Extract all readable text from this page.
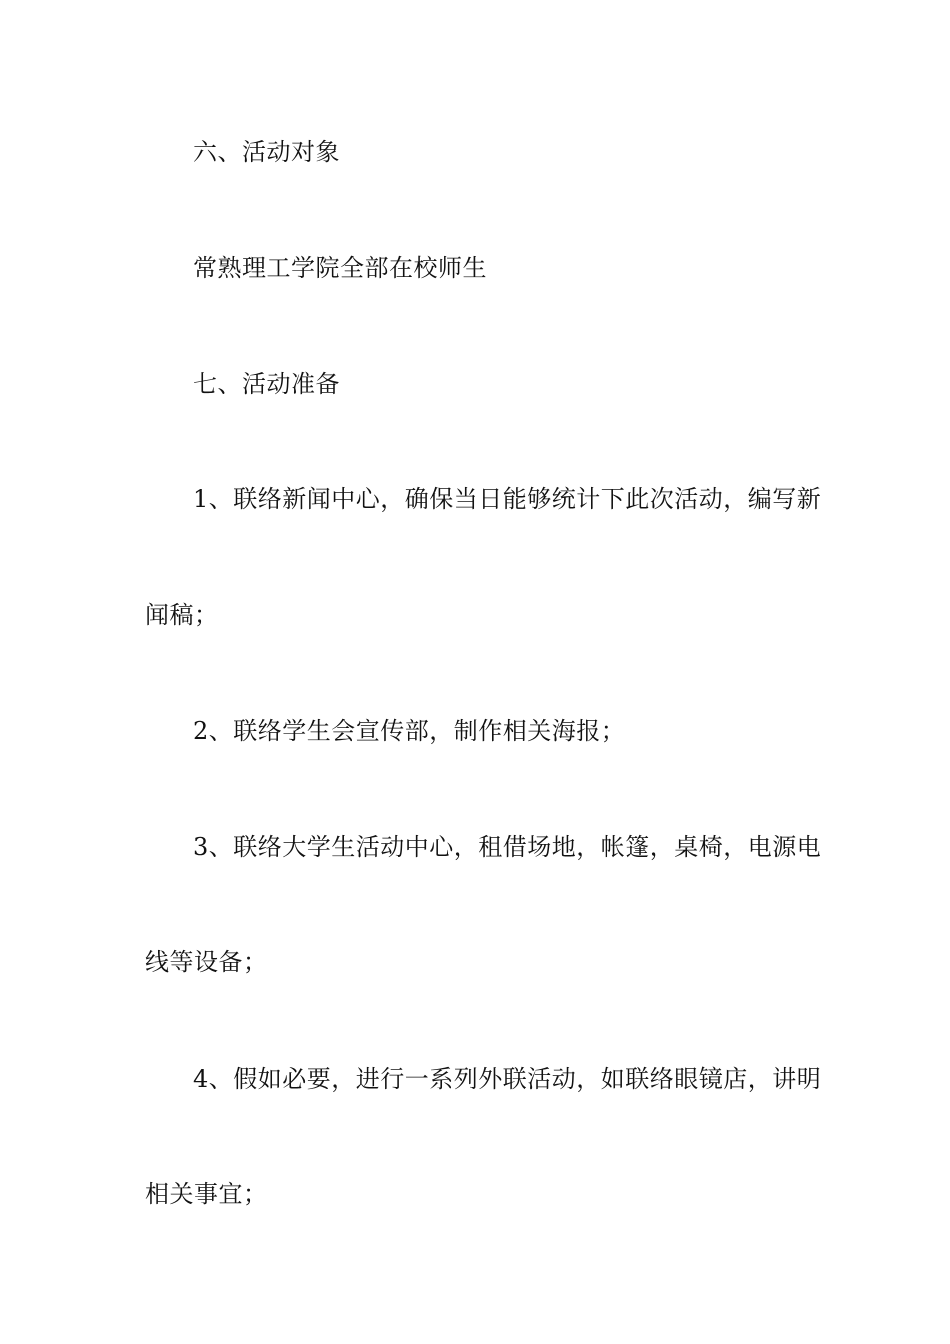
六、活动对象
常熟理工学院全部在校师生
七、活动准备
1、联络新闻中心，确保当日能够统计下此次活动，编写新
闻稿；
2、联络学生会宣传部，制作相关海报；
3、联络大学生活动中心，租借场地，帐篷，桌椅，电源电
线等设备；
4、假如必要，进行一系列外联活动，如联络眼镜店，讲明
相关事宜；
